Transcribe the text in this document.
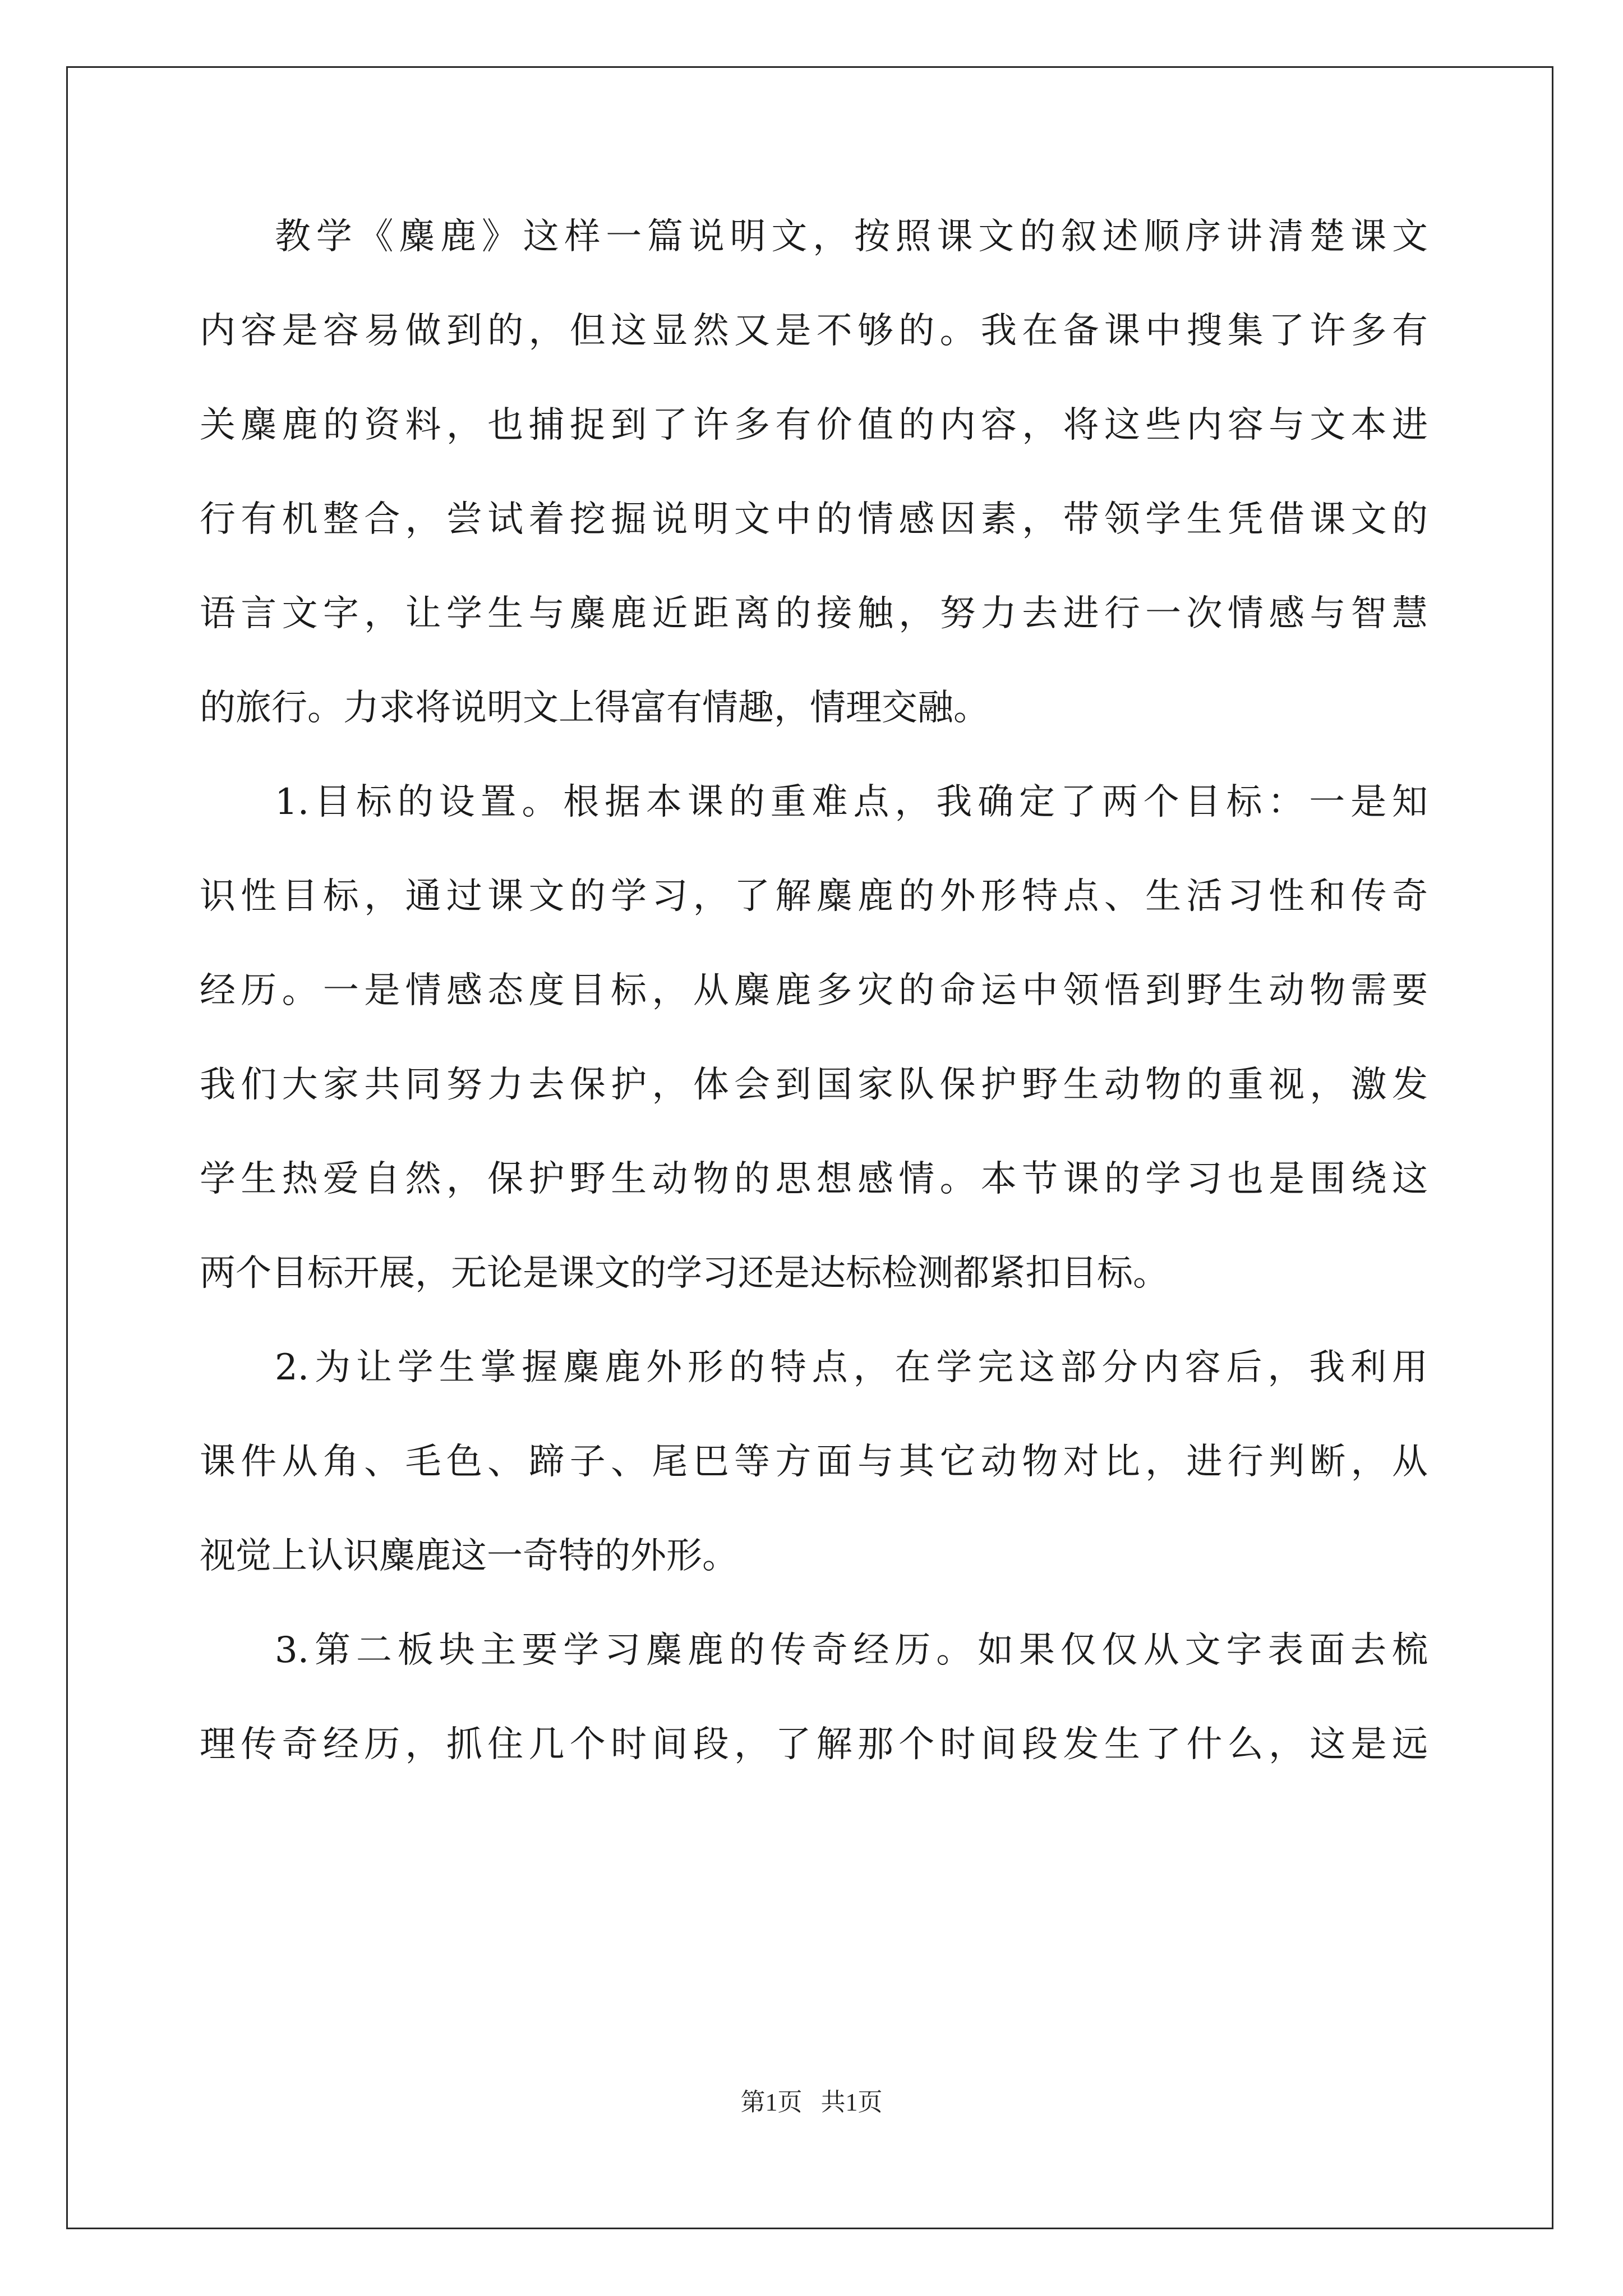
教学《麋鹿》这样一篇说明文，按照课文的叙述顺序讲清楚课文
内容是容易做到的，但这显然又是不够的。我在备课中搜集了许多有
关麋鹿的资料，也捕捉到了许多有价值的内容，将这些内容与文本进
行有机整合，尝试着挖掘说明文中的情感因素，带领学生凭借课文的
语言文字，让学生与麋鹿近距离的接触，努力去进行一次情感与智慧
的旅行。力求将说明文上得富有情趣，情理交融。
1.目标的设置。根据本课的重难点，我确定了两个目标：一是知
识性目标，通过课文的学习，了解麋鹿的外形特点、生活习性和传奇
经历。一是情感态度目标，从麋鹿多灾的命运中领悟到野生动物需要
我们大家共同努力去保护，体会到国家队保护野生动物的重视，激发
学生热爱自然，保护野生动物的思想感情。本节课的学习也是围绕这
两个目标开展，无论是课文的学习还是达标检测都紧扣目标。
2.为让学生掌握麋鹿外形的特点，在学完这部分内容后，我利用
课件从角、毛色、蹄子、尾巴等方面与其它动物对比，进行判断，从
视觉上认识麋鹿这一奇特的外形。
3.第二板块主要学习麋鹿的传奇经历。如果仅仅从文字表面去梳
理传奇经历，抓住几个时间段，了解那个时间段发生了什么，这是远
第1页   共1页
